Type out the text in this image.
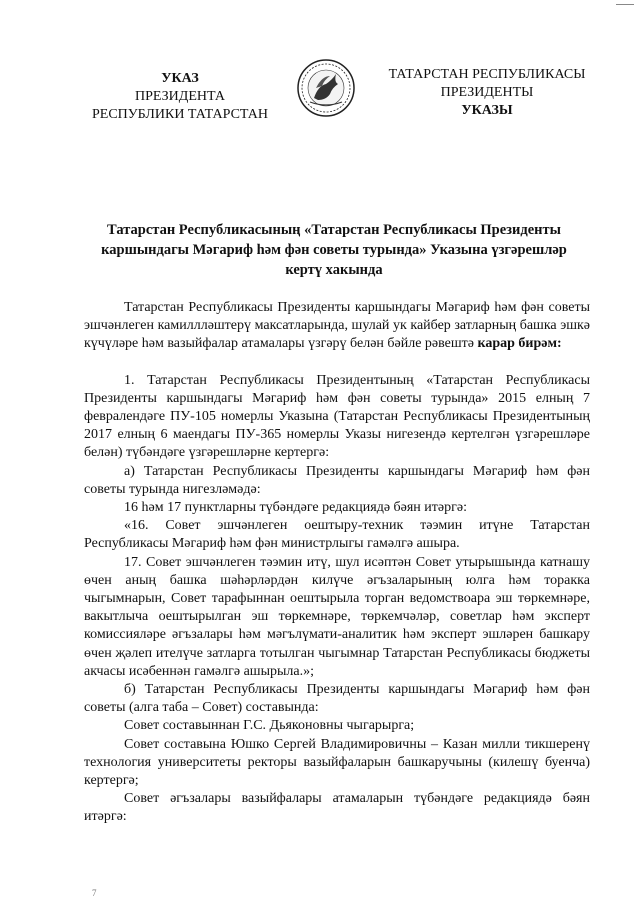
УКАЗ
ПРЕЗИДЕНТА
РЕСПУБЛИКИ ТАТАРСТАН
ТАТАРСТАН РЕСПУБЛИКАСЫ
ПРЕЗИДЕНТЫ
УКАЗЫ
Татарстан Республикасының «Татарстан Республикасы Президенты
каршындагы Мәгариф һәм фән советы турында» Указына үзгәрешләр
кертү хакында

Татарстан Республикасы Президенты каршындагы Мәгариф һәм фән советы эшчәнлеген камиллләштерү максатларында, шулай ук кайбер затларның башка эшкә күчүләре һәм вазыйфалар атамалары үзгәрү белән бәйле рәвештә карар бирәм:

1. Татарстан Республикасы Президентының «Татарстан Республикасы Президенты каршындагы Мәгариф һәм фән советы турында» 2015 елның 7 февралендәге ПУ-105 номерлы Указына (Татарстан Республикасы Президентының 2017 елның 6 маендагы ПУ-365 номерлы Указы нигезендә кертелгән үзгәрешләре белән) түбәндәге үзгәрешләрне кертергә:

а) Татарстан Республикасы Президенты каршындагы Мәгариф һәм фән советы турында нигезләмәдә:

16 һәм 17 пунктларны түбәндәге редакциядә бәян итәргә:

«16. Совет эшчәнлеген оештыру-техник тәэмин итүне Татарстан Республикасы Мәгариф һәм фән министрлыгы гамәлгә ашыра.

17. Совет эшчәнлеген тәэмин итү, шул исәптән Совет утырышында катнашу өчен аның башка шәһәрләрдән килүче әгъзаларының юлга һәм торакка чыгымнарын, Совет тарафыннан оештырыла торган ведомствоара эш төркемнәре, вакытлыча оештырылган эш төркемнәре, төркемчәләр, советлар һәм эксперт комиссияләре әгъзалары һәм мәгълүмати-аналитик һәм эксперт эшләрен башкару өчен җәлеп ителүче затларга тотылган чыгымнар Татарстан Республикасы бюджеты акчасы исәбеннән гамәлгә ашырыла.»;

б) Татарстан Республикасы Президенты каршындагы Мәгариф һәм фән советы (алга таба – Совет) составында:

Совет составыннан Г.С. Дьяконовны чыгарырга;

Совет составына Юшко Сергей Владимировичны – Казан милли тикшеренү технология университеты ректоры вазыйфаларын башкаручыны (килешү буенча) кертергә;

Совет әгъзалары вазыйфалары атамаларын түбәндәге редакциядә бәян итәргә:

7
